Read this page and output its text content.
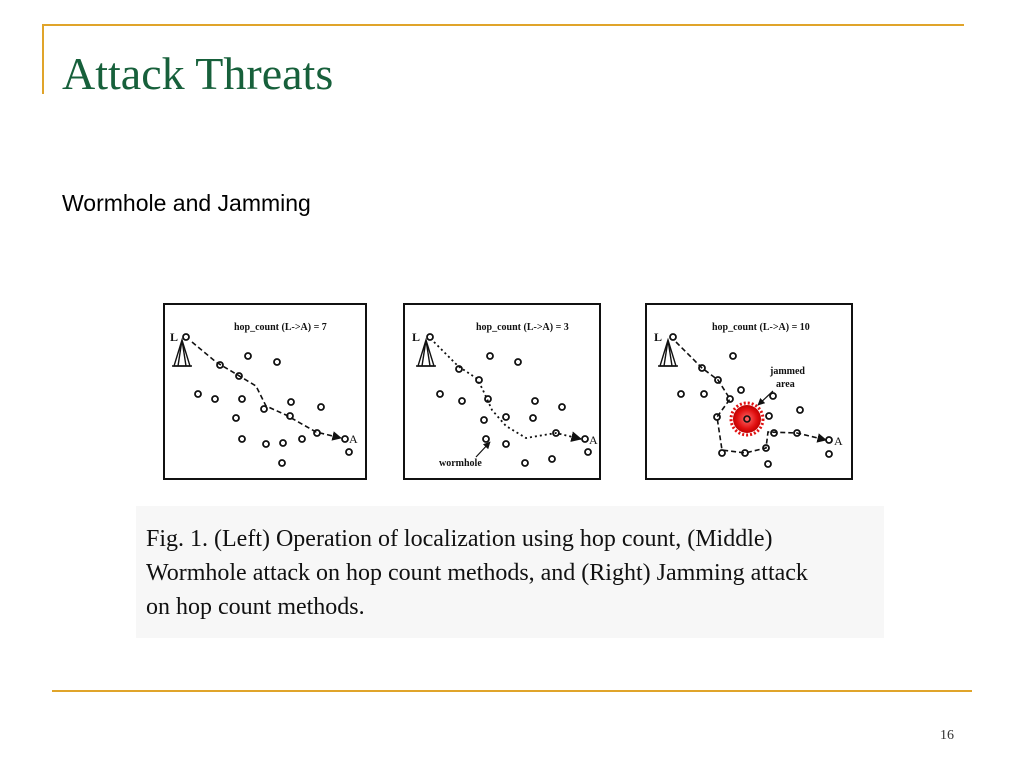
Attack Threats
Wormhole and Jamming
hop_count (L->A) = 7
L
A
hop_count (L->A) = 3
L
A
wormhole
hop_count (L->A) = 10
L
A
jammed
area

Fig. 1. (Left) Operation of localization using hop count, (Middle)

Wormhole attack on hop count methods, and (Right) Jamming attack

on hop count methods.

16
